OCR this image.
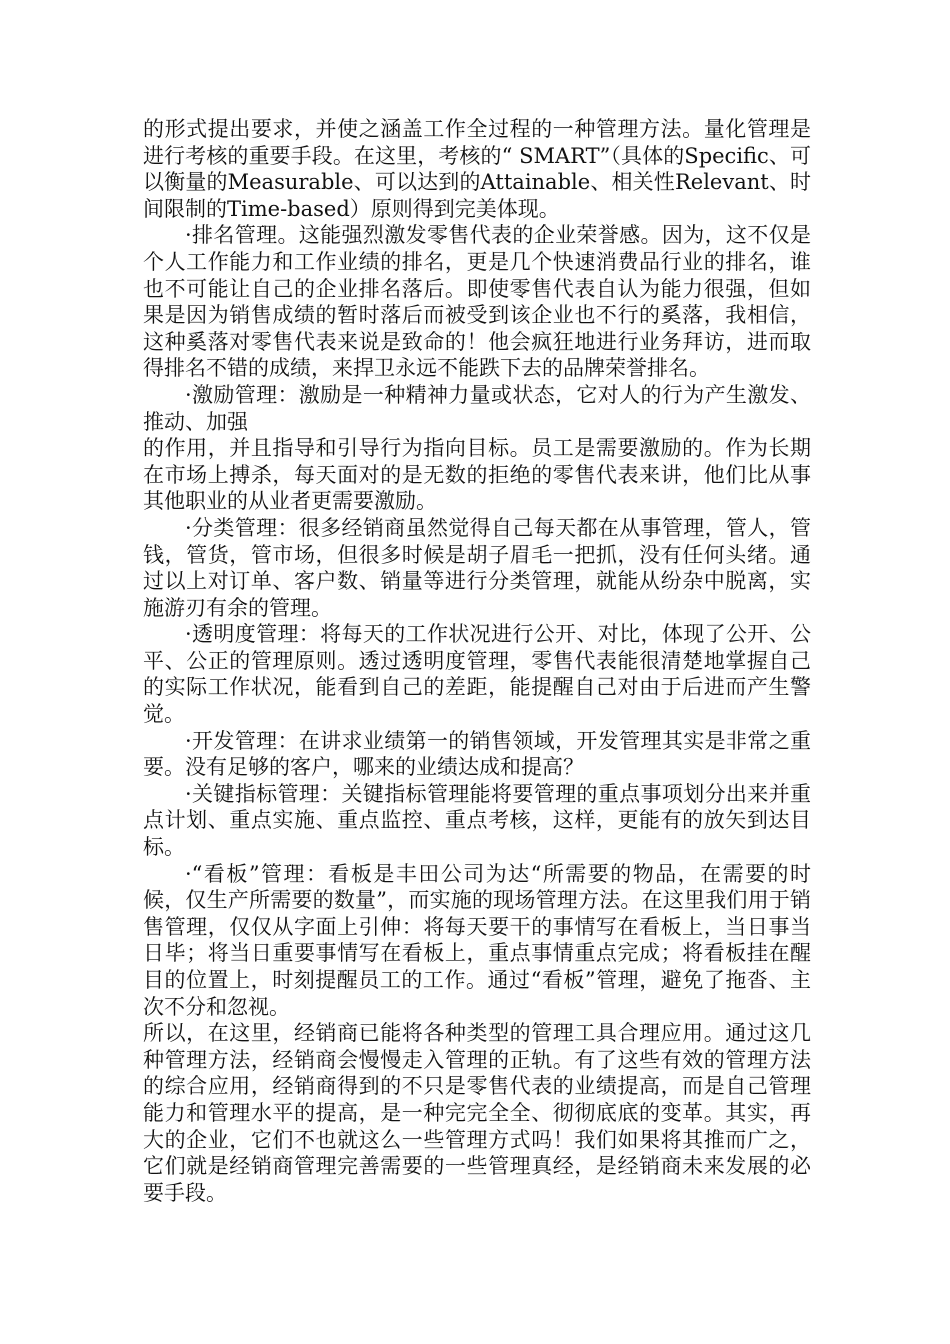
的形式提出要求，并使之涵盖工作全过程的一种管理方法。量化管理是进行考核的重要手段。在这里，考核的“ SMART”（具体的Specific、可以衡量的Measurable、可以达到的Attainable、相关性Relevant、时间限制的Time-based）原则得到完美体现。

·排名管理。这能强烈激发零售代表的企业荣誉感。因为，这不仅是个人工作能力和工作业绩的排名，更是几个快速消费品行业的排名，谁也不可能让自己的企业排名落后。即使零售代表自认为能力很强，但如果是因为销售成绩的暂时落后而被受到该企业也不行的奚落，我相信，这种奚落对零售代表来说是致命的！他会疯狂地进行业务拜访，进而取得排名不错的成绩，来捍卫永远不能跌下去的品牌荣誉排名。

·激励管理：激励是一种精神力量或状态，它对人的行为产生激发、推动、加强

的作用，并且指导和引导行为指向目标。员工是需要激励的。作为长期在市场上搏杀，每天面对的是无数的拒绝的零售代表来讲，他们比从事其他职业的从业者更需要激励。

·分类管理：很多经销商虽然觉得自己每天都在从事管理，管人，管钱，管货，管市场，但很多时候是胡子眉毛一把抓，没有任何头绪。通过以上对订单、客户数、销量等进行分类管理，就能从纷杂中脱离，实施游刃有余的管理。

·透明度管理：将每天的工作状况进行公开、对比，体现了公开、公平、公正的管理原则。透过透明度管理，零售代表能很清楚地掌握自己的实际工作状况，能看到自己的差距，能提醒自己对由于后进而产生警觉。

·开发管理：在讲求业绩第一的销售领域，开发管理其实是非常之重要。没有足够的客户，哪来的业绩达成和提高？

·关键指标管理：关键指标管理能将要管理的重点事项划分出来并重点计划、重点实施、重点监控、重点考核，这样，更能有的放矢到达目标。

·“看板”管理：看板是丰田公司为达“所需要的物品，在需要的时候，仅生产所需要的数量”，而实施的现场管理方法。在这里我们用于销售管理，仅仅从字面上引伸：将每天要干的事情写在看板上，当日事当日毕；将当日重要事情写在看板上，重点事情重点完成；将看板挂在醒目的位置上，时刻提醒员工的工作。通过“看板”管理，避免了拖沓、主次不分和忽视。

所以，在这里，经销商已能将各种类型的管理工具合理应用。通过这几种管理方法，经销商会慢慢走入管理的正轨。有了这些有效的管理方法的综合应用，经销商得到的不只是零售代表的业绩提高，而是自己管理能力和管理水平的提高，是一种完完全全、彻彻底底的变革。其实，再大的企业，它们不也就这么一些管理方式吗！我们如果将其推而广之，它们就是经销商管理完善需要的一些管理真经，是经销商未来发展的必要手段。
